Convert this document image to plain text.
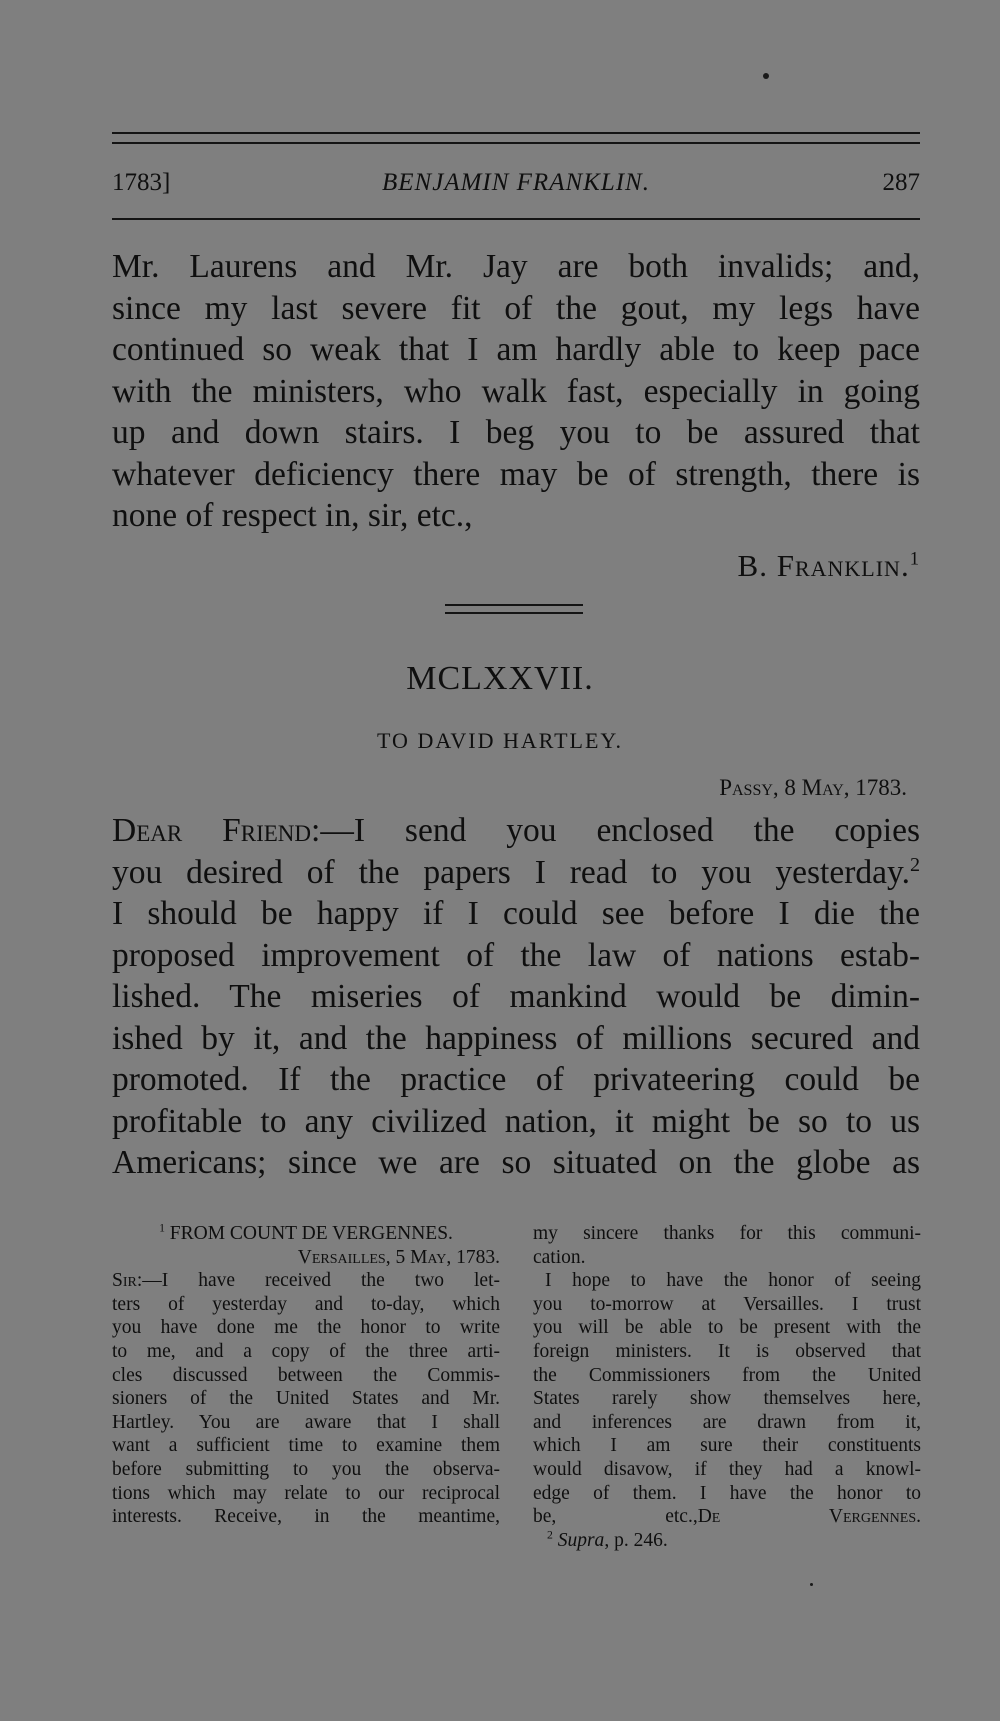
1783]	BENJAMIN FRANKLIN.	287
Mr. Laurens and Mr. Jay are both invalids; and,
since my last severe fit of the gout, my legs have
continued so weak that I am hardly able to keep pace
with the ministers, who walk fast, especially in going
up and down stairs. I beg you to be assured that
whatever deficiency there may be of strength, there is
none of respect in, sir, etc.,
B. Franklin.$^1$
MCLXXVII.
TO DAVID HARTLEY.
Passy, 8 May, 1783.
Dear Friend:—I send you enclosed the copies
you desired of the papers I read to you yesterday.$^2$
I should be happy if I could see before I die the
proposed improvement of the law of nations estab-
lished. The miseries of mankind would be dimin-
ished by it, and the happiness of millions secured and
promoted. If the practice of privateering could be
profitable to any civilized nation, it might be so to us
Americans; since we are so situated on the globe as
$^1$ FROM COUNT DE VERGENNES.
Versailles, 5 May, 1783.
Sir:—I have received the two let-
ters of yesterday and to-day, which
you have done me the honor to write
to me, and a copy of the three arti-
cles discussed between the Commis-
sioners of the United States and Mr.
Hartley. You are aware that I shall
want a sufficient time to examine them
before submitting to you the observa-
tions which may relate to our reciprocal
interests. Receive, in the meantime,
my sincere thanks for this communi-
cation.
I hope to have the honor of seeing
you to-morrow at Versailles. I trust
you will be able to be present with the
foreign ministers. It is observed that
the Commissioners from the United
States rarely show themselves here,
and inferences are drawn from it,
which I am sure their constituents
would disavow, if they had a knowl-
edge of them. I have the honor to
be, etc.,De Vergennes.
$^2$ Supra, p. 246.
